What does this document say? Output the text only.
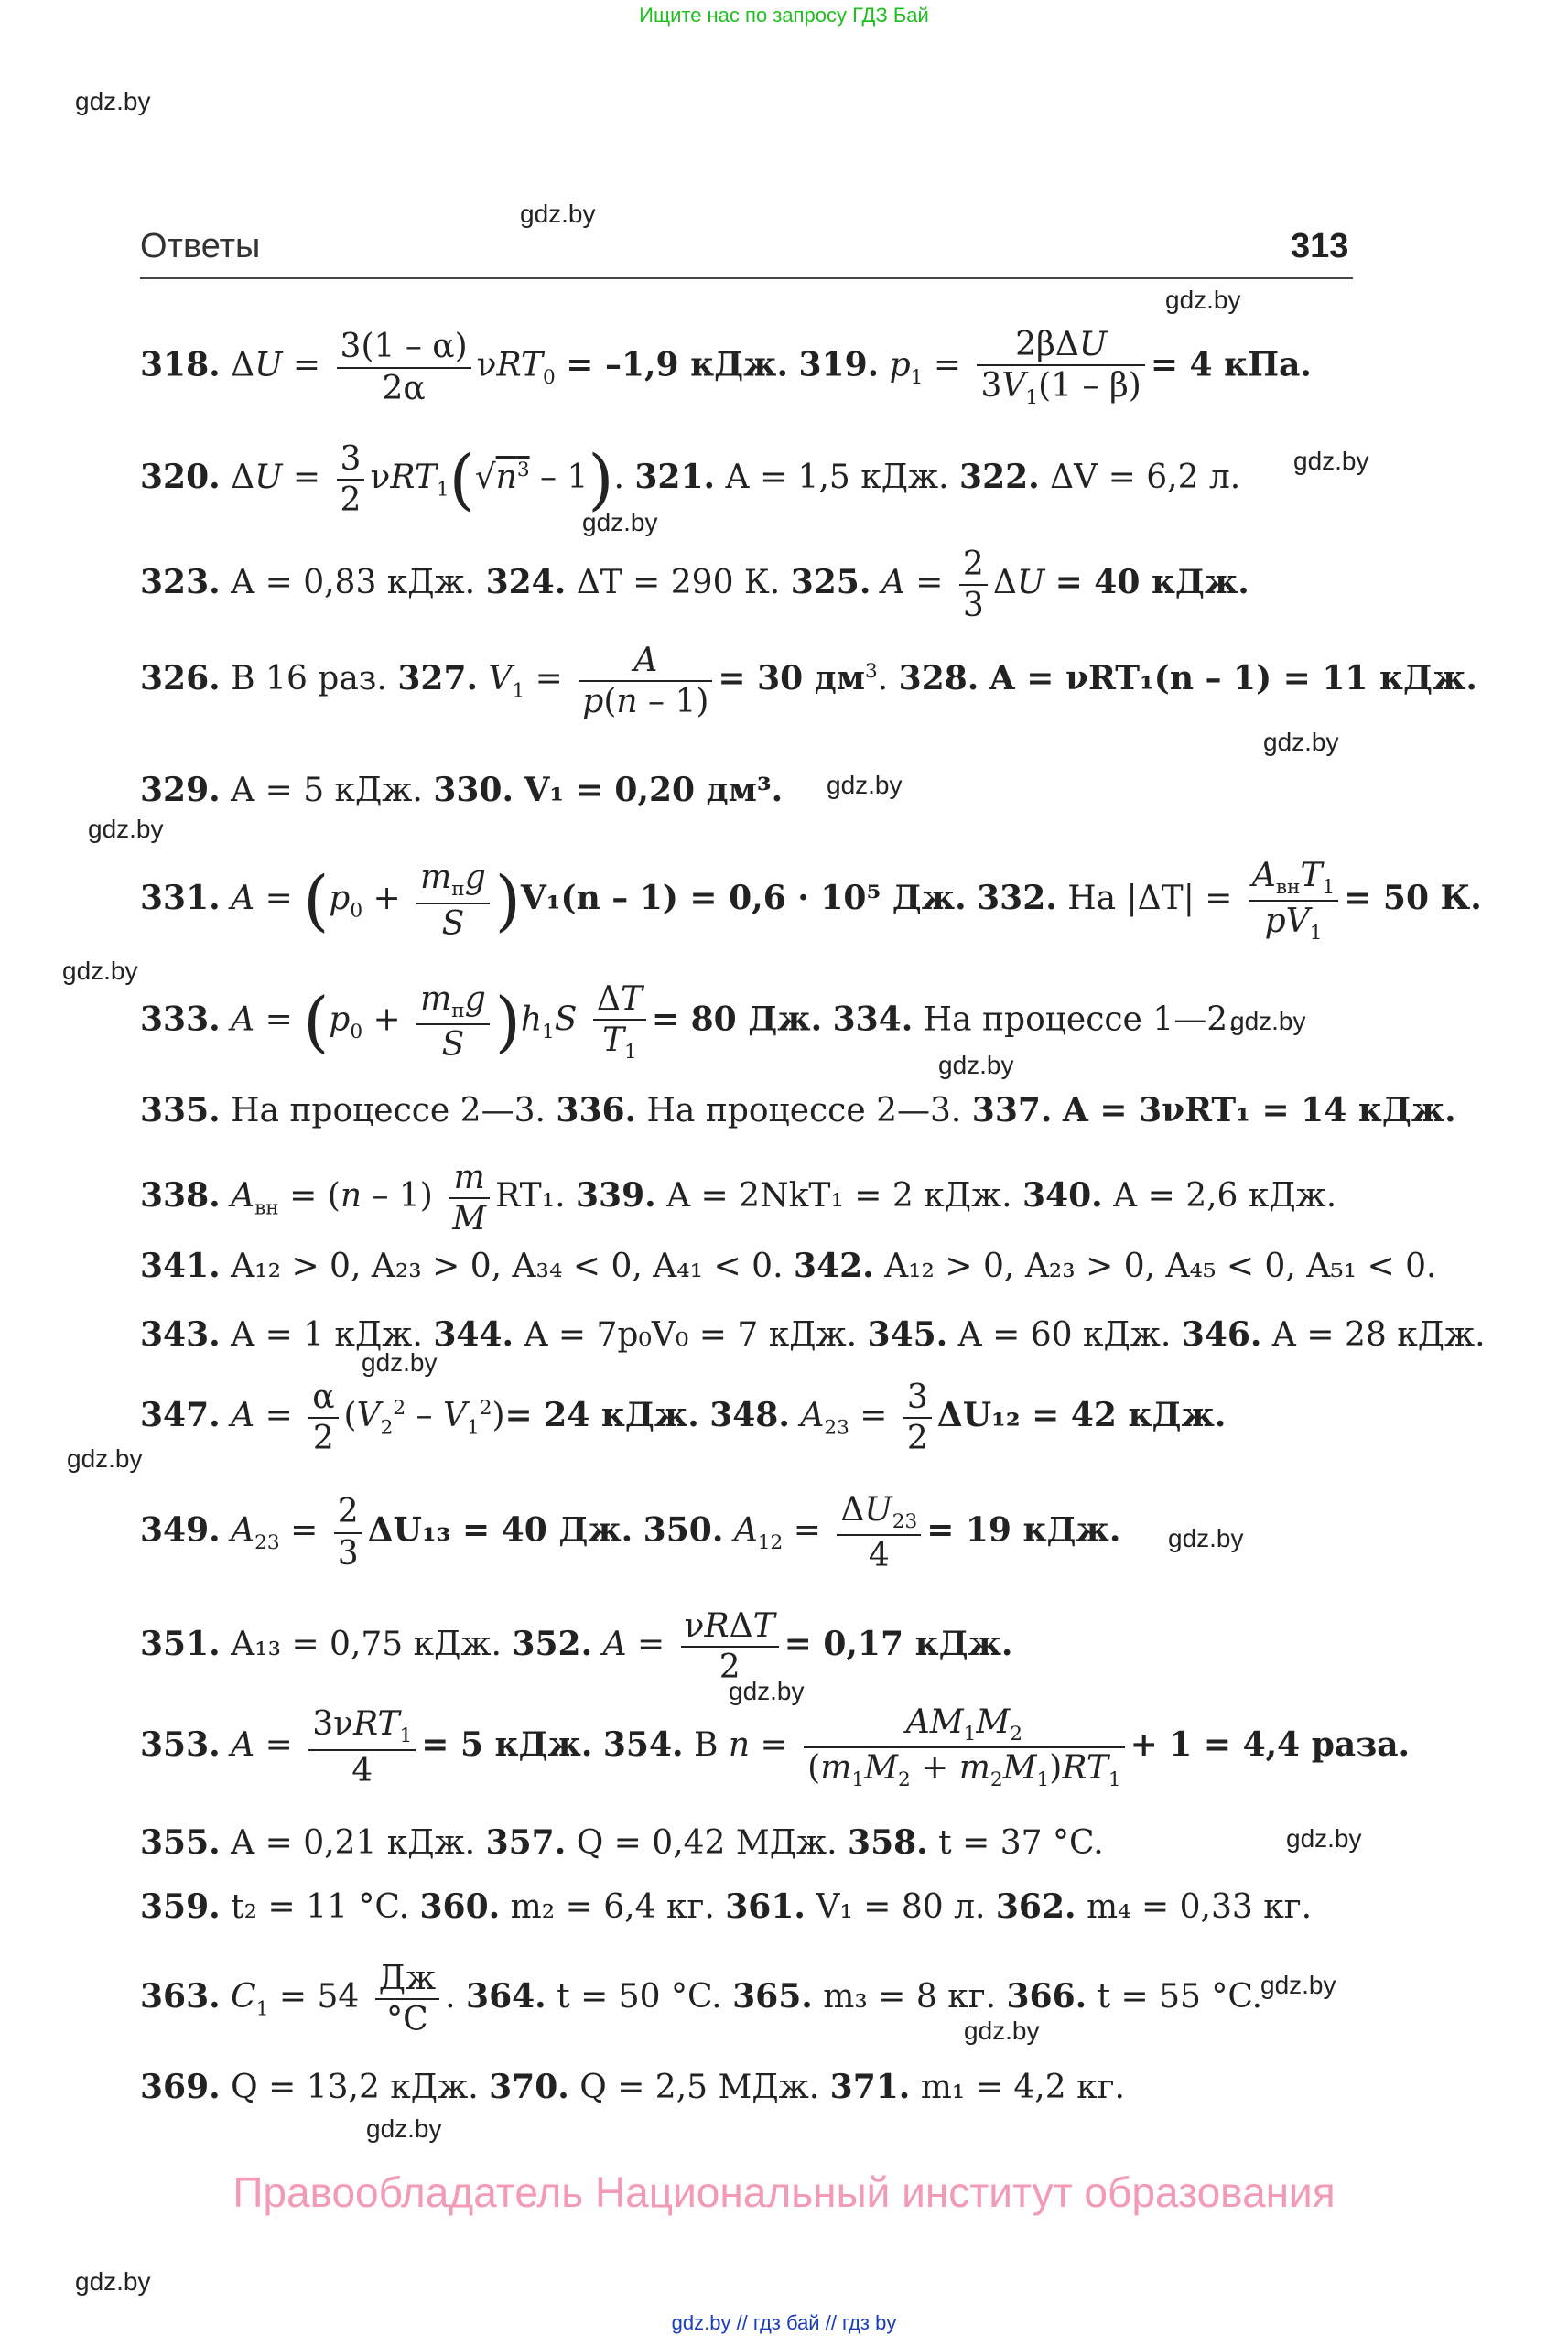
Ищите нас по запросу ГДЗ Бай
gdz.by
gdz.by
gdz.by
gdz.by
gdz.by
gdz.by
gdz.by
gdz.by
gdz.by
gdz.by
gdz.by
gdz.by
gdz.by
gdz.by
gdz.by
gdz.by
gdz.by
gdz.by
gdz.by
gdz.by
Ответы	313
318. $\Delta U = \frac{3(1 - \alpha)}{2\alpha} \nu RT_0 = -1,9$ кДж. 319. $p_1 = \frac{\text{2βΔU}}{3V_1(1 - \beta)} = 4$ кПа.
320. $\Delta U = \frac{3}{2} \nu RT_1(√n^3 - 1)$. 321. A = 1,5 кДж. 322. ΔV = 6,2 л.
323. A = 0,83 кДж. 324. ΔT = 290 К. 325. $A = \frac{2}{3}$ ΔU = 40 кДж.
326. В 16 раз. 327. $V_1 = \frac{A}{p(n - 1)} = 30$ $дм^3$. 328. A = νRT₁(n – 1) = 11 кДж.
329. A = 5 кДж. 330. V₁ = 0,20 дм³.
331. $A = (p_0 + \frac{m_пg}{S} )V_1(n - 1) = 0,6 \cdot 10^5$ Дж. 332. На $|\Delta T| = \frac{A_{вн}T_1}{pV_1} = 50$ К.
333. $A = (p_0 + \frac{m_пg}{S} )h_1S \frac{\Delta T}{T_1} = 80$ Дж. 334. На процессе 1—2.
335. На процессе 2—3. 336. На процессе 2—3. 337. A = 3νRT₁ = 14 кДж.
338. $A_{вн} = (n - 1) \frac{m}{M} RT_1$. 339. A = 2NkT₁ = 2 кДж. 340. A = 2,6 кДж.
341. A₁₂ > 0, A₂₃ > 0, A₃₄ < 0, A₄₁ < 0. 342. A₁₂ > 0, A₂₃ > 0, A₄₅ < 0, A₅₁ < 0.
343. A = 1 кДж. 344. A = 7p₀V₀ = 7 кДж. 345. A = 60 кДж. 346. A = 28 кДж.
347. $A = \frac{\alpha}{2} (V_2^2 - V_1^2)= 24$ кДж. 348. $A_{23} = \frac{3}{2} \Delta U_{12} = 42$ кДж.
349. $A_{23} = \frac{2}{3} \Delta U_{13} = 40$ Дж. 350. $A_{12} = \frac{\Delta U_{23}}{4} = 19$ кДж.
351. A₁₃ = 0,75 кДж. 352. $A = \frac{\text{νRΔT}}{2} = 0,17$ кДж.
353. $A = \frac{3\nu RT_1}{4} = 5$ кДж. 354. В $n = \frac{AM_1M_2}{(m_1M_2 + m_2M_1)RT_1} + 1 = 4,4$ раза.
355. A = 0,21 кДж. 357. Q = 0,42 МДж. 358. t = 37 °C.
359. t₂ = 11 °C. 360. m₂ = 6,4 кг. 361. V₁ = 80 л. 362. m₄ = 0,33 кг.
363. $C_1 = 54 \frac{Дж}{^\circ C}$ . 364. t = 50 °C. 365. m₃ = 8 кг. 366. t = 55 °C.
369. Q = 13,2 кДж. 370. Q = 2,5 МДж. 371. m₁ = 4,2 кг.
Правообладатель Национальный институт образования
gdz.by // гдз бай // гдз by
